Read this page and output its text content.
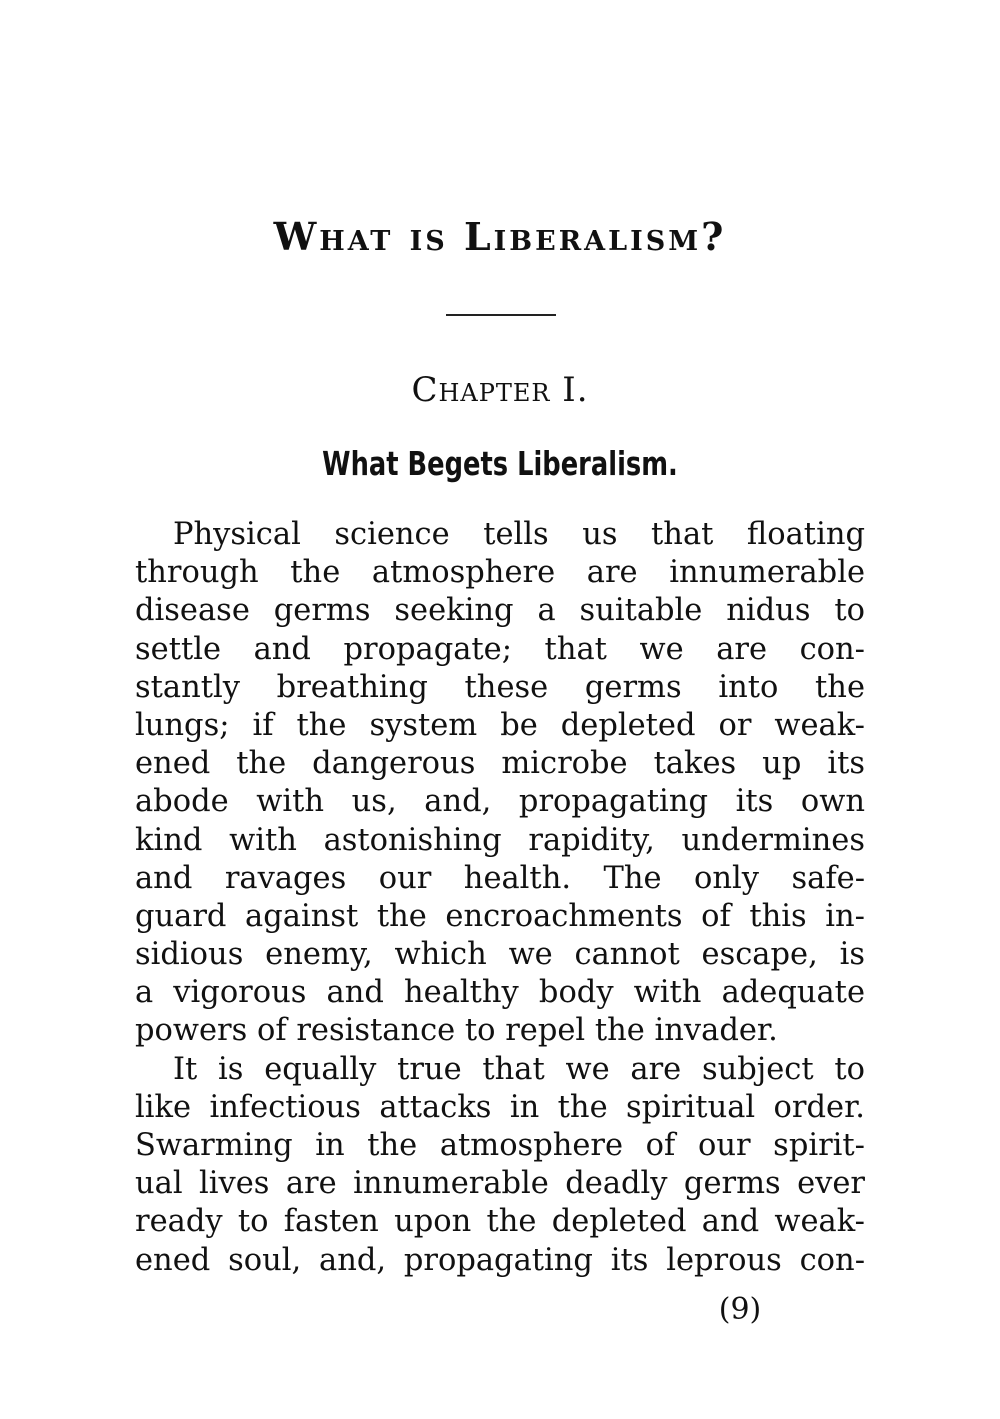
What is Liberalism?
Chapter I.
What Begets Liberalism.
Physical science tells us that floating
through the atmosphere are innumerable
disease germs seeking a suitable nidus to
settle and propagate; that we are con-
stantly breathing these germs into the
lungs; if the system be depleted or weak-
ened the dangerous microbe takes up its
abode with us, and, propagating its own
kind with astonishing rapidity, undermines
and ravages our health. The only safe-
guard against the encroachments of this in-
sidious enemy, which we cannot escape, is
a vigorous and healthy body with adequate
powers of resistance to repel the invader.
It is equally true that we are subject to
like infectious attacks in the spiritual order.
Swarming in the atmosphere of our spirit-
ual lives are innumerable deadly germs ever
ready to fasten upon the depleted and weak-
ened soul, and, propagating its leprous con-
(9)
